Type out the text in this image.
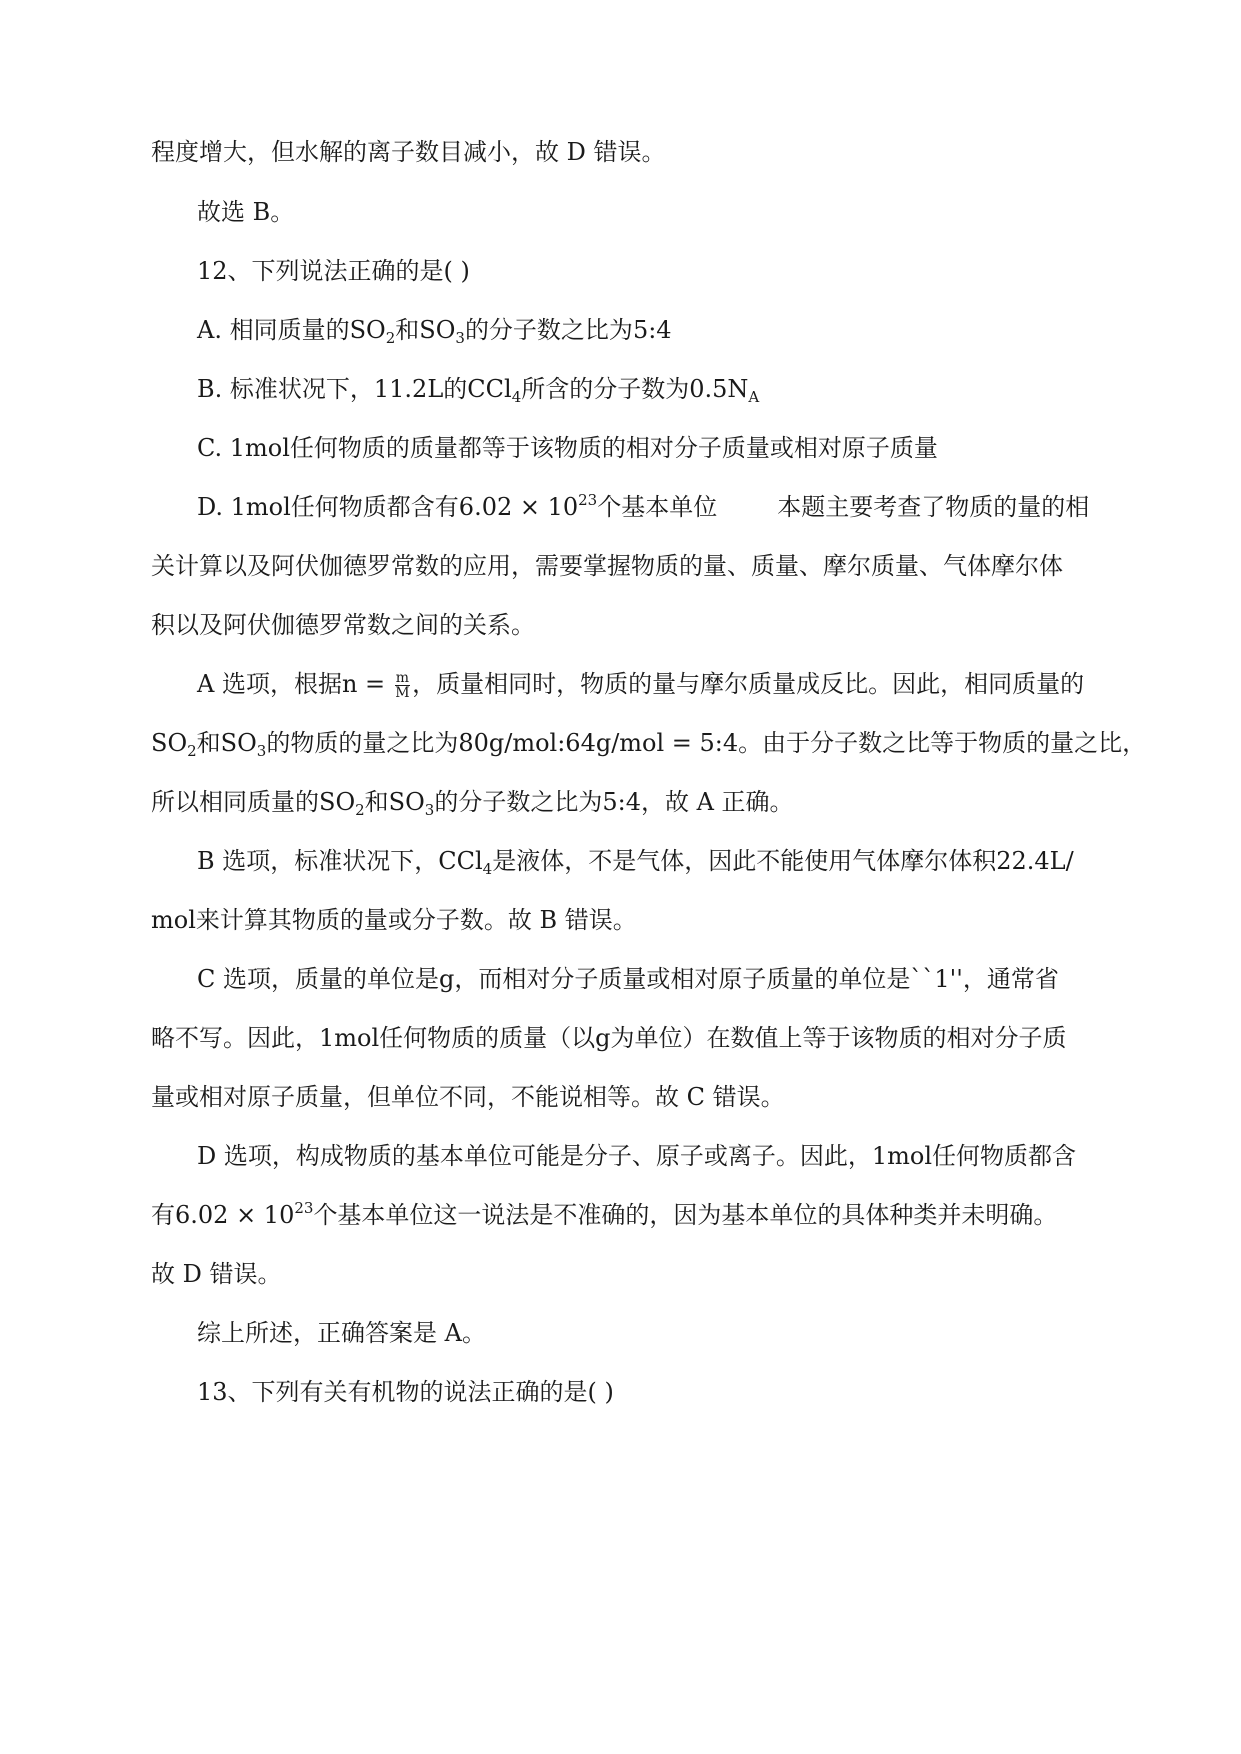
程度增大，但水解的离子数目减小，故 D 错误。
故选 B。
12、下列说法正确的是( )
A. 相同质量的$SO_2$和$SO_3$的分子数之比为5:4
B. 标准状况下，11.2L的CCl$_4$所含的分子数为$0.5N_A$
C. 1mol任何物质的质量都等于该物质的相对分子质量或相对原子质量
D. 1mol任何物质都含有$6.02 \times 10^{23}$个基本单位	本题主要考查了物质的量的相
关计算以及阿伏伽德罗常数的应用，需要掌握物质的量、质量、摩尔质量、气体摩尔体
积以及阿伏伽德罗常数之间的关系。
A 选项，根据$n = \frac{m}{M}$ ，质量相同时，物质的量与摩尔质量成反比。因此，相同质量的
$SO_2$和$SO_3$的物质的量之比为80g/mol:64g/mol = 5:4。由于分子数之比等于物质的量之比，
所以相同质量的$SO_2$和$SO_3$的分子数之比为5:4，故 A 正确。
B 选项，标准状况下，CCl$_4$是液体，不是气体，因此不能使用气体摩尔体积22.4L/
mol来计算其物质的量或分子数。故 B 错误。
C 选项，质量的单位是g，而相对分子质量或相对原子质量的单位是``1''，通常省
略不写。因此，1mol任何物质的质量（以g为单位）在数值上等于该物质的相对分子质
量或相对原子质量，但单位不同，不能说相等。故 C 错误。
D 选项，构成物质的基本单位可能是分子、原子或离子。因此，1mol任何物质都含
有$6.02 \times 10^{23}$个基本单位这一说法是不准确的，因为基本单位的具体种类并未明确。
故 D 错误。
综上所述，正确答案是 A。
13、下列有关有机物的说法正确的是( )
